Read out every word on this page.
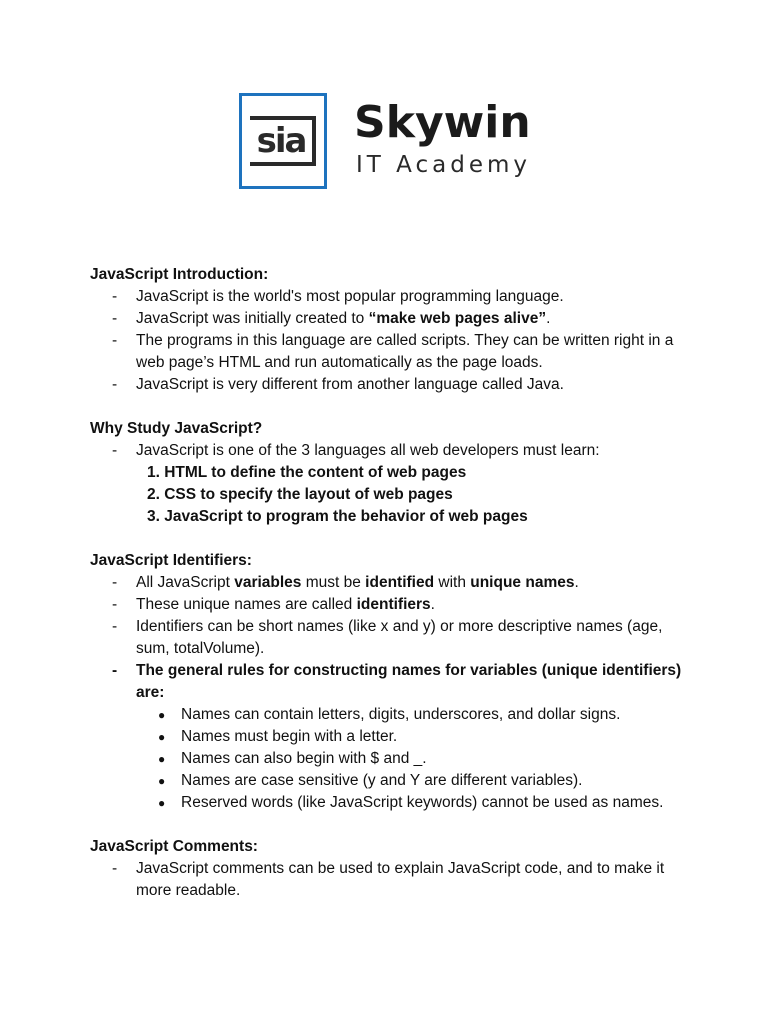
sia Skywin
IT Academy
JavaScript Introduction:
- JavaScript is the world's most popular programming language.
- JavaScript was initially created to “make web pages alive”.
- The programs in this language are called scripts. They can be written right in a web page’s HTML and run automatically as the page loads.
- JavaScript is very different from another language called Java.
Why Study JavaScript?
- JavaScript is one of the 3 languages all web developers must learn:
1. HTML to define the content of web pages
2. CSS to specify the layout of web pages
3. JavaScript to program the behavior of web pages
JavaScript Identifiers:
- All JavaScript variables must be identified with unique names.
- These unique names are called identifiers.
- Identifiers can be short names (like x and y) or more descriptive names (age, sum, totalVolume).
- The general rules for constructing names for variables (unique identifiers) are:
● Names can contain letters, digits, underscores, and dollar signs.
● Names must begin with a letter.
● Names can also begin with $ and _.
● Names are case sensitive (y and Y are different variables).
● Reserved words (like JavaScript keywords) cannot be used as names.
JavaScript Comments:
- JavaScript comments can be used to explain JavaScript code, and to make it more readable.
